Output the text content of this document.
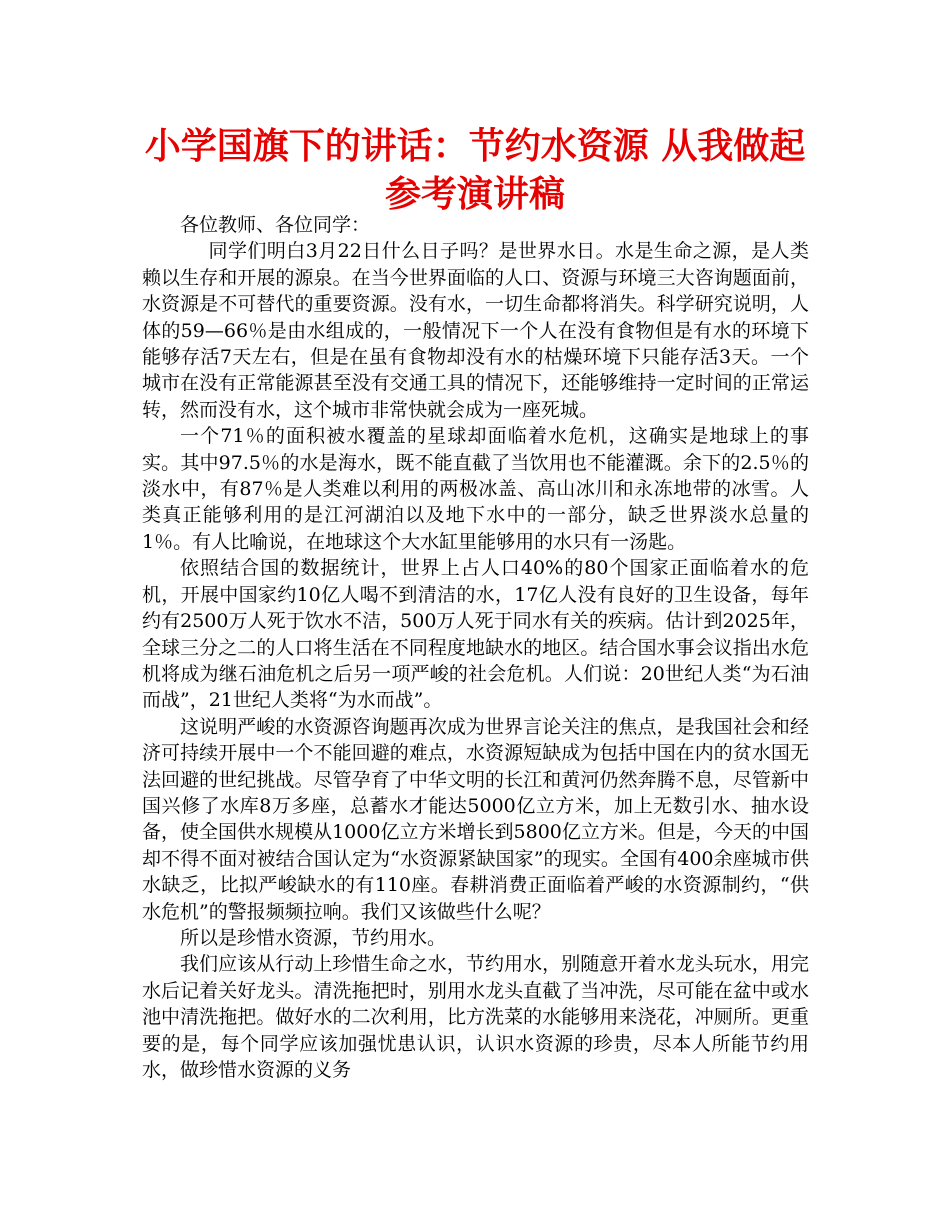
小学国旗下的讲话：节约水资源 从我做起
参考演讲稿

各位教师、各位同学：

同学们明白3月22日什么日子吗？是世界水日。水是生命之源，是人类赖以生存和开展的源泉。在当今世界面临的人口、资源与环境三大咨询题面前，水资源是不可替代的重要资源。没有水，一切生命都将消失。科学研究说明，人体的59—66％是由水组成的，一般情况下一个人在没有食物但是有水的环境下能够存活7天左右，但是在虽有食物却没有水的枯燥环境下只能存活3天。一个城市在没有正常能源甚至没有交通工具的情况下，还能够维持一定时间的正常运转，然而没有水，这个城市非常快就会成为一座死城。

一个71％的面积被水覆盖的星球却面临着水危机，这确实是地球上的事实。其中97.5％的水是海水，既不能直截了当饮用也不能灌溉。余下的2.5％的淡水中，有87％是人类难以利用的两极冰盖、高山冰川和永冻地带的冰雪。人类真正能够利用的是江河湖泊以及地下水中的一部分，缺乏世界淡水总量的1％。有人比喻说，在地球这个大水缸里能够用的水只有一汤匙。

依照结合国的数据统计，世界上占人口40%的80个国家正面临着水的危机，开展中国家约10亿人喝不到清洁的水，17亿人没有良好的卫生设备，每年约有2500万人死于饮水不洁，500万人死于同水有关的疾病。估计到2025年，全球三分之二的人口将生活在不同程度地缺水的地区。结合国水事会议指出水危机将成为继石油危机之后另一项严峻的社会危机。人们说：20世纪人类“为石油而战”，21世纪人类将“为水而战”。

这说明严峻的水资源咨询题再次成为世界言论关注的焦点，是我国社会和经济可持续开展中一个不能回避的难点，水资源短缺成为包括中国在内的贫水国无法回避的世纪挑战。尽管孕育了中华文明的长江和黄河仍然奔腾不息，尽管新中国兴修了水库8万多座，总蓄水才能达5000亿立方米，加上无数引水、抽水设备，使全国供水规模从1000亿立方米增长到5800亿立方米。但是，今天的中国却不得不面对被结合国认定为“水资源紧缺国家”的现实。全国有400余座城市供水缺乏，比拟严峻缺水的有110座。春耕消费正面临着严峻的水资源制约，“供水危机”的警报频频拉响。我们又该做些什么呢？

所以是珍惜水资源，节约用水。

我们应该从行动上珍惜生命之水，节约用水，别随意开着水龙头玩水，用完水后记着关好龙头。清洗拖把时，别用水龙头直截了当冲洗，尽可能在盆中或水池中清洗拖把。做好水的二次利用，比方洗菜的水能够用来浇花，冲厕所。更重要的是，每个同学应该加强忧患认识，认识水资源的珍贵，尽本人所能节约用水，做珍惜水资源的义务
